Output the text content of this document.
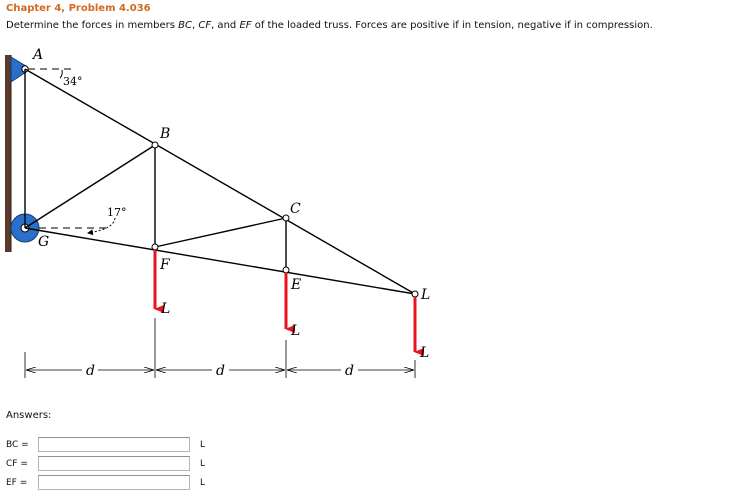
Chapter 4, Problem 4.036
Determine the forces in members BC, CF, and EF of the loaded truss. Forces are positive if in tension, negative if in compression.
A
B
C
E
F
G
L
L
L
L
34°
17°
d	d	d
Answers:
BC =	L
CF =	L
EF =	L
